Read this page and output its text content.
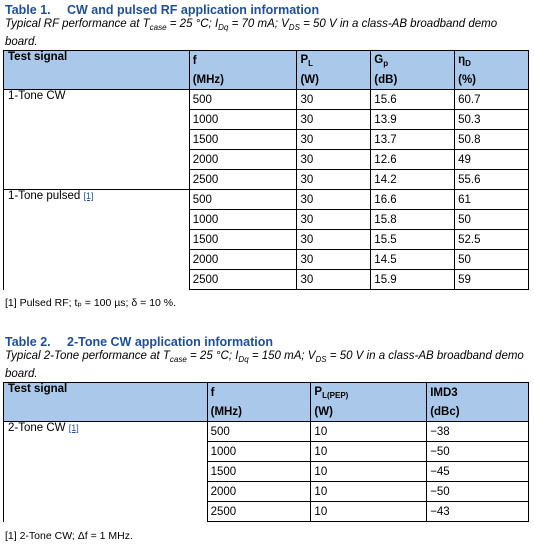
Table 1. CW and pulsed RF application information
Typical RF performance at $T_{case} = 25$ °C; $I_{Dq} = 70$ mA; $V_{DS} = 50$ V in a class-AB broadband demo board.
Test signal	f	$P_L$	$G_p$	$\eta_D$
	(MHz)	(W)	(dB)	(%)
1-Tone CW	500	30	15.6	60.7
	1000	30	13.9	50.3
	1500	30	13.7	50.8
	2000	30	12.6	49
	2500	30	14.2	55.6
1-Tone pulsed [1]	500	30	16.6	61
	1000	30	15.8	50
	1500	30	15.5	52.5
	2000	30	14.5	50
	2500	30	15.9	59
[1] Pulsed RF; tₚ = 100 µs; δ = 10 %.
Table 2. 2-Tone CW application information
Typical 2-Tone performance at $T_{case} = 25$ °C; $I_{Dq} = 150$ mA; $V_{DS} = 50$ V in a class-AB broadband demo board.
Test signal	f	$P_{L(PEP)}$	IMD3
	(MHz)	(W)	(dBc)
2-Tone CW [1]	500	10	−38
	1000	10	−50
	1500	10	−45
	2000	10	−50
	2500	10	−43
[1] 2-Tone CW; Δf = 1 MHz.
